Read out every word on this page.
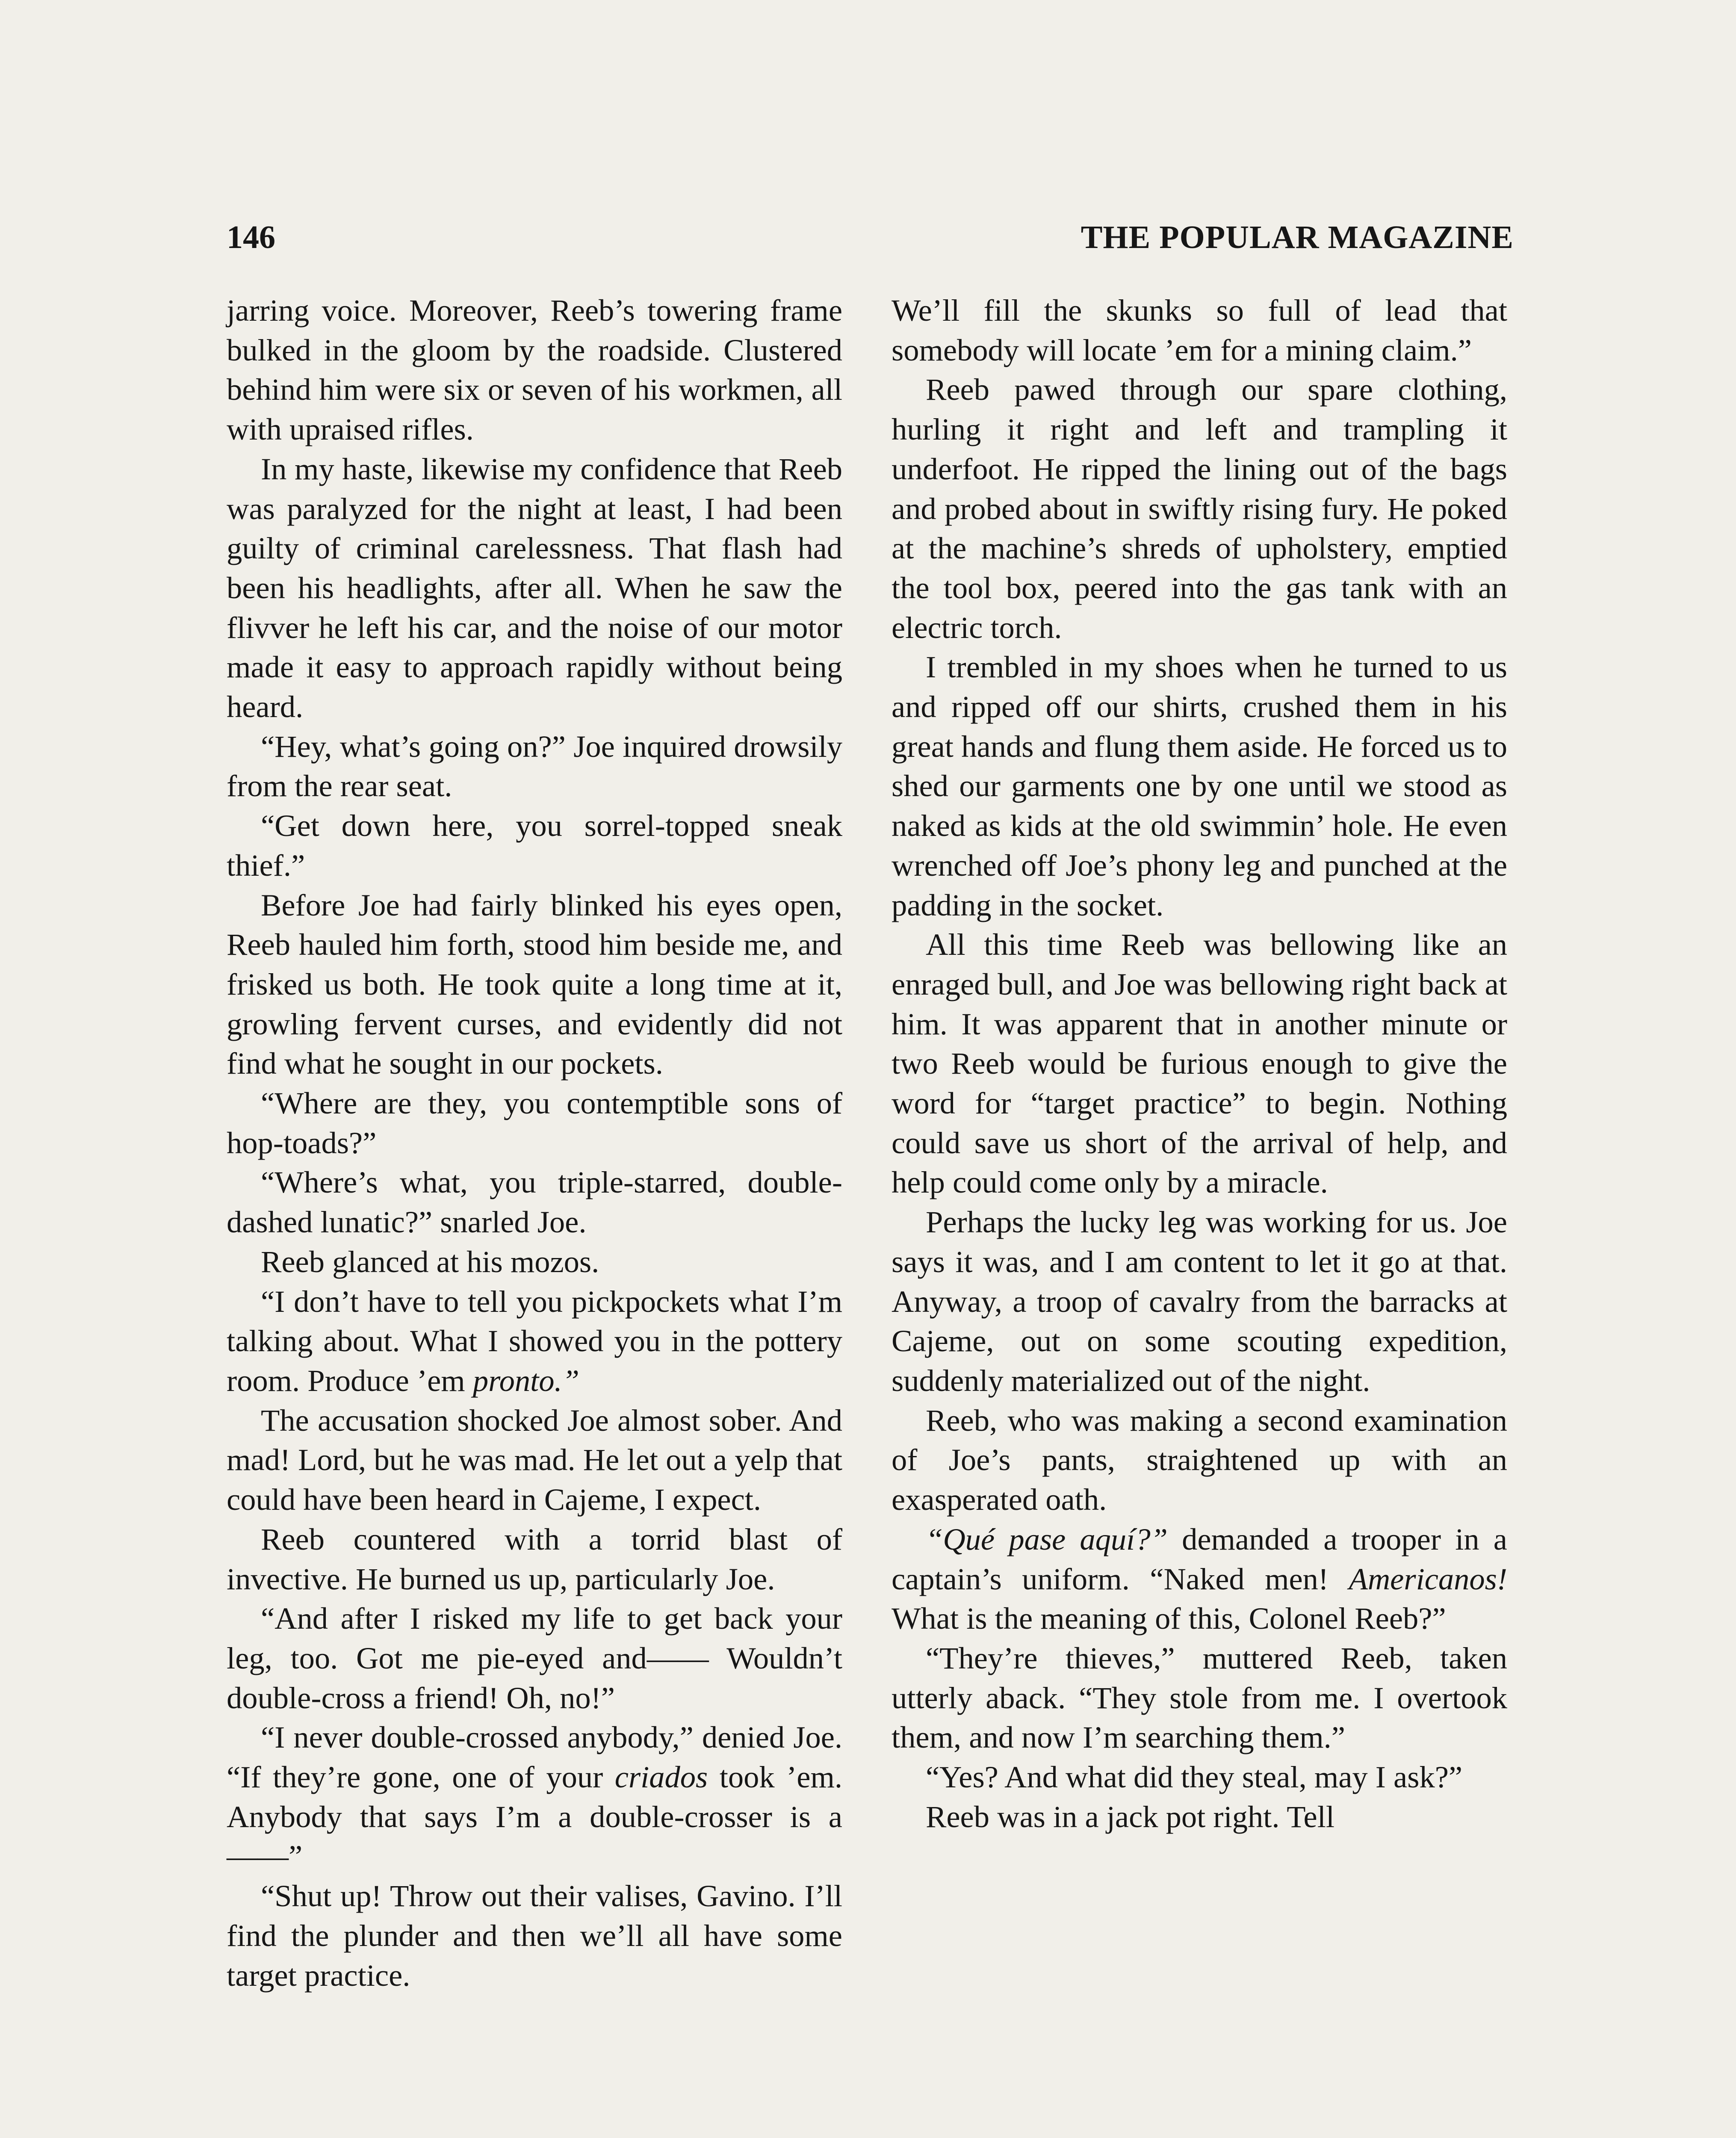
146	THE POPULAR MAGAZINE

jarring voice. Moreover, Reeb’s towering frame bulked in the gloom by the roadside. Clustered behind him were six or seven of his workmen, all with upraised rifles.

In my haste, likewise my confidence that Reeb was paralyzed for the night at least, I had been guilty of criminal carelessness. That flash had been his headlights, after all. When he saw the flivver he left his car, and the noise of our motor made it easy to approach rapidly without being heard.

“Hey, what’s going on?” Joe inquired drowsily from the rear seat.

“Get down here, you sorrel-topped sneak thief.”

Before Joe had fairly blinked his eyes open, Reeb hauled him forth, stood him beside me, and frisked us both. He took quite a long time at it, growling fervent curses, and evidently did not find what he sought in our pockets.

“Where are they, you contemptible sons of hop-toads?”

“Where’s what, you triple-starred, double-dashed lunatic?” snarled Joe.

Reeb glanced at his mozos.

“I don’t have to tell you pickpockets what I’m talking about. What I showed you in the pottery room. Produce ’em pronto.”

The accusation shocked Joe almost sober. And mad! Lord, but he was mad. He let out a yelp that could have been heard in Cajeme, I expect.

Reeb countered with a torrid blast of invective. He burned us up, particularly Joe.

“And after I risked my life to get back your leg, too. Got me pie-eyed and—— Wouldn’t double-cross a friend! Oh, no!”

“I never double-crossed anybody,” denied Joe. “If they’re gone, one of your criados took ’em. Anybody that says I’m a double-crosser is a——”

“Shut up! Throw out their valises, Gavino. I’ll find the plunder and then we’ll all have some target practice.

We’ll fill the skunks so full of lead that somebody will locate ’em for a mining claim.”

Reeb pawed through our spare clothing, hurling it right and left and trampling it underfoot. He ripped the lining out of the bags and probed about in swiftly rising fury. He poked at the machine’s shreds of upholstery, emptied the tool box, peered into the gas tank with an electric torch.

I trembled in my shoes when he turned to us and ripped off our shirts, crushed them in his great hands and flung them aside. He forced us to shed our garments one by one until we stood as naked as kids at the old swimmin’ hole. He even wrenched off Joe’s phony leg and punched at the padding in the socket.

All this time Reeb was bellowing like an enraged bull, and Joe was bellowing right back at him. It was apparent that in another minute or two Reeb would be furious enough to give the word for “target practice” to begin. Nothing could save us short of the arrival of help, and help could come only by a miracle.

Perhaps the lucky leg was working for us. Joe says it was, and I am content to let it go at that. Anyway, a troop of cavalry from the barracks at Cajeme, out on some scouting expedition, suddenly materialized out of the night.

Reeb, who was making a second examination of Joe’s pants, straightened up with an exasperated oath.

“Qué pase aquí?” demanded a trooper in a captain’s uniform. “Naked men! Americanos! What is the meaning of this, Colonel Reeb?”

“They’re thieves,” muttered Reeb, taken utterly aback. “They stole from me. I overtook them, and now I’m searching them.”

“Yes? And what did they steal, may I ask?”

Reeb was in a jack pot right. Tell
